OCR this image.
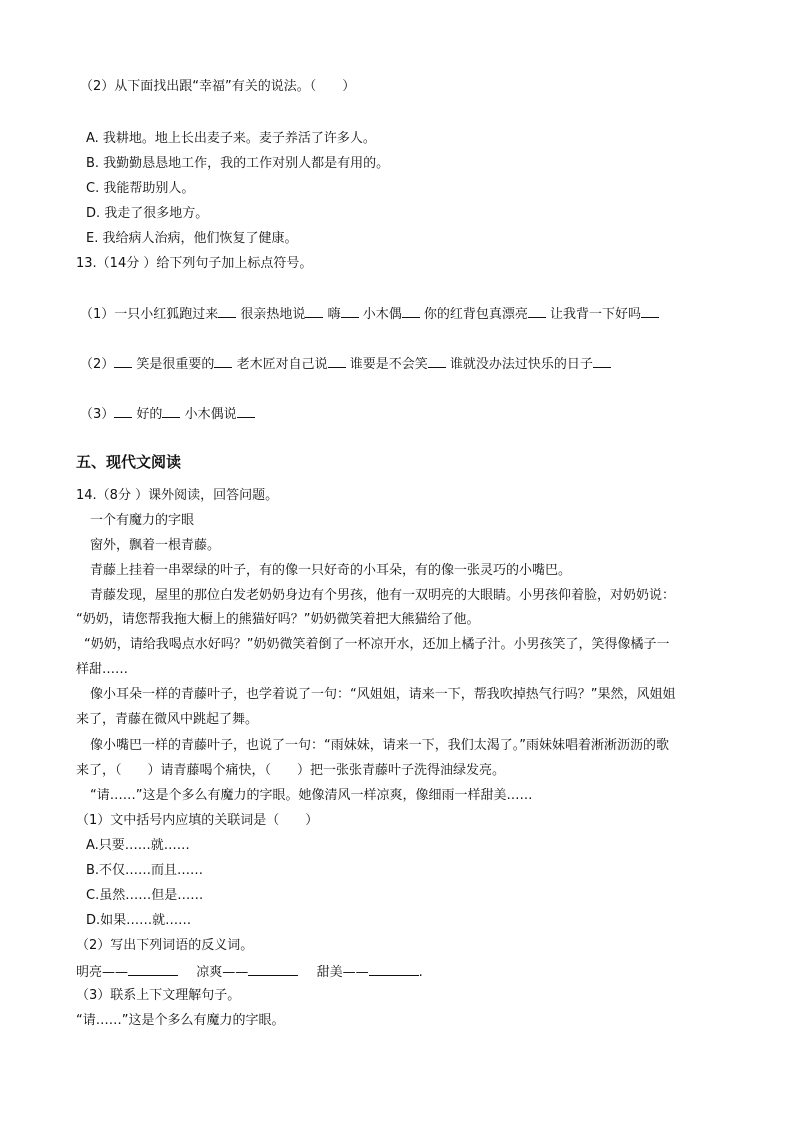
（2）从下面找出跟“幸福”有关的说法。（　　）
A. 我耕地。地上长出麦子来。麦子养活了许多人。
B. 我勤勤恳恳地工作，我的工作对别人都是有用的。
C. 我能帮助别人。
D. 我走了很多地方。
E. 我给病人治病，他们恢复了健康。
13.（14分 ）给下列句子加上标点符号。
（1）一只小红狐跑过来 很亲热地说 嗨 小木偶 你的红背包真漂亮 让我背一下好吗
（2） 笑是很重要的 老木匠对自己说 谁要是不会笑 谁就没办法过快乐的日子
（3） 好的 小木偶说
五、现代文阅读
14.（8分 ）课外阅读，回答问题。
一个有魔力的字眼
窗外，飘着一根青藤。
青藤上挂着一串翠绿的叶子，有的像一只好奇的小耳朵，有的像一张灵巧的小嘴巴。
青藤发现，屋里的那位白发老奶奶身边有个男孩，他有一双明亮的大眼睛。小男孩仰着脸，对奶奶说：
“奶奶，请您帮我拖大橱上的熊猫好吗？”奶奶微笑着把大熊猫给了他。
“奶奶，请给我喝点水好吗？”奶奶微笑着倒了一杯凉开水，还加上橘子汁。小男孩笑了，笑得像橘子一
样甜……
像小耳朵一样的青藤叶子，也学着说了一句：“风姐姐，请来一下，帮我吹掉热气行吗？”果然，风姐姐
来了，青藤在微风中跳起了舞。
像小嘴巴一样的青藤叶子，也说了一句：“雨妹妹，请来一下，我们太渴了。”雨妹妹唱着淅淅沥沥的歌
来了，（　　）请青藤喝个痛快，（　　）把一张张青藤叶子洗得油绿发亮。
“请……”这是个多么有魔力的字眼。她像清风一样凉爽，像细雨一样甜美……
（1）文中括号内应填的关联词是（　　）
A.只要……就……
B.不仅……而且……
C.虽然……但是……
D.如果……就……
（2）写出下列词语的反义词。
明亮——	凉爽——	甜美——	.
（3）联系上下文理解句子。
“请……”这是个多么有魔力的字眼。
